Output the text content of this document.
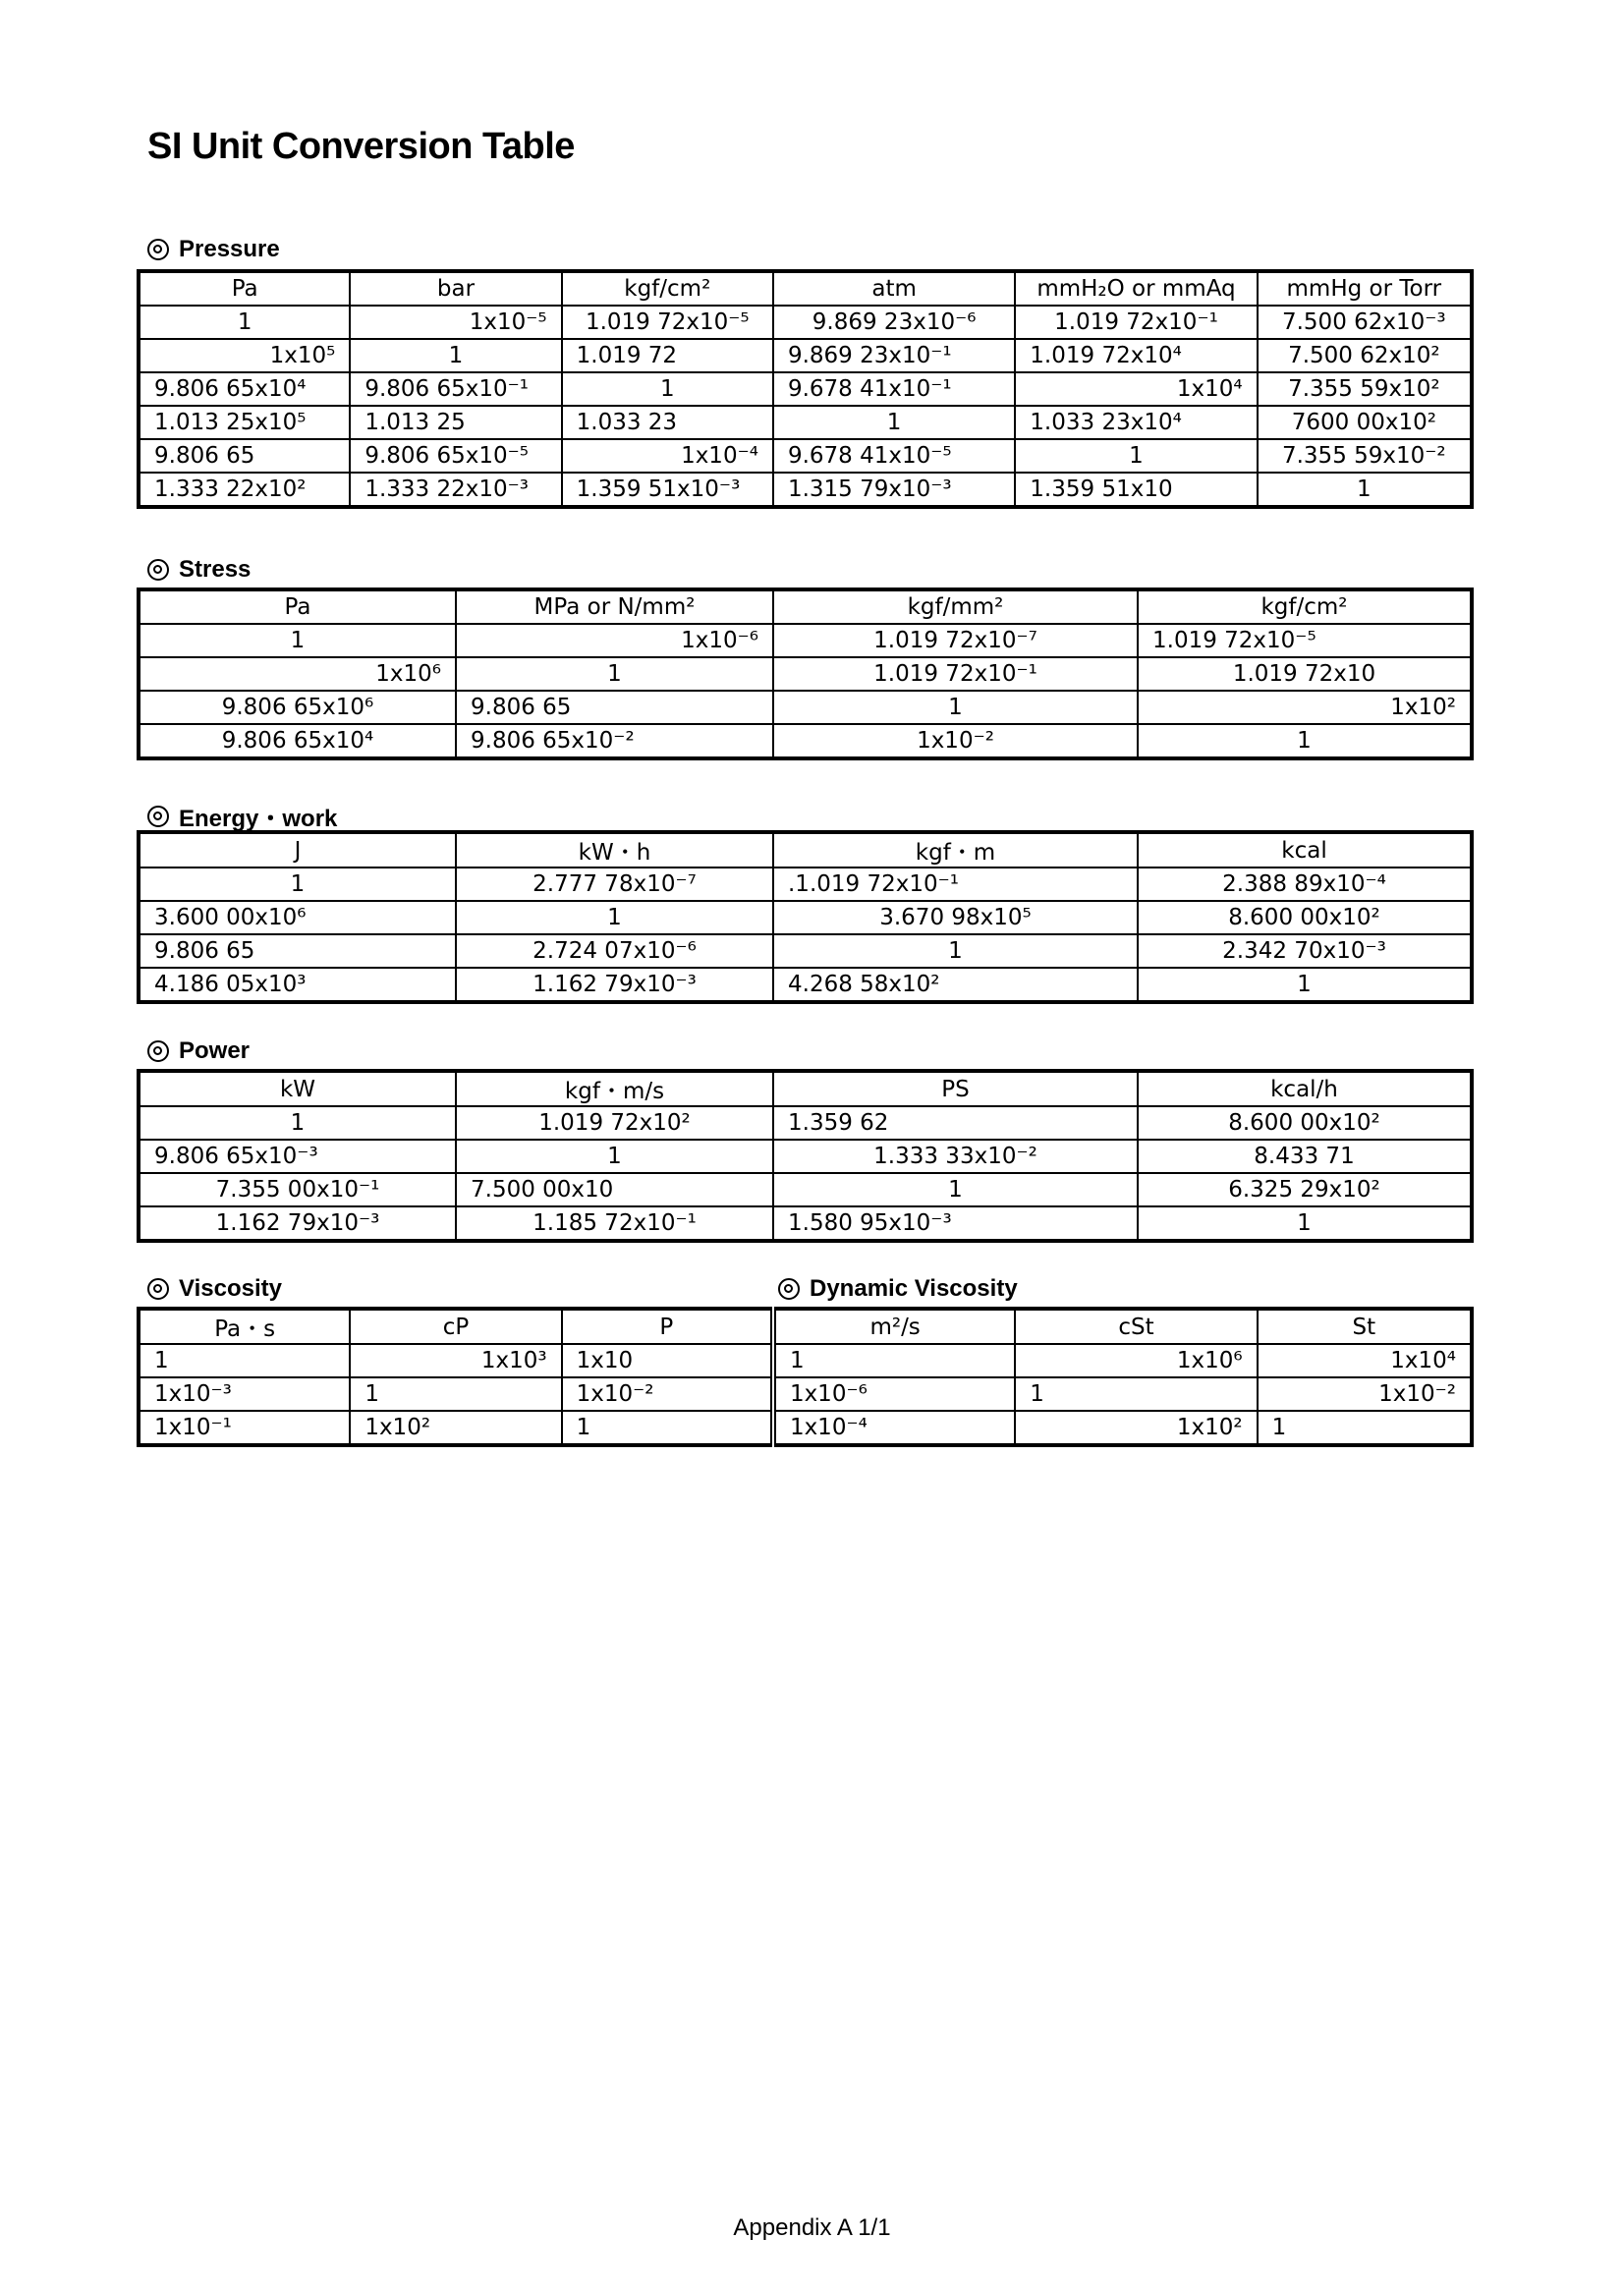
SI Unit Conversion Table
Pressure
Pa	bar	kgf/cm²	atm	mmH₂O or mmAq	mmHg or Torr
1	1x10⁻⁵	1.019 72x10⁻⁵	9.869 23x10⁻⁶	1.019 72x10⁻¹	7.500 62x10⁻³
1x10⁵	1	1.019 72	9.869 23x10⁻¹	1.019 72x10⁴	7.500 62x10²
9.806 65x10⁴	9.806 65x10⁻¹	1	9.678 41x10⁻¹	1x10⁴	7.355 59x10²
1.013 25x10⁵	1.013 25	1.033 23	1	1.033 23x10⁴	7600 00x10²
9.806 65	9.806 65x10⁻⁵	1x10⁻⁴	9.678 41x10⁻⁵	1	7.355 59x10⁻²
1.333 22x10²	1.333 22x10⁻³	1.359 51x10⁻³	1.315 79x10⁻³	1.359 51x10	1
Stress
Pa	MPa or N/mm²	kgf/mm²	kgf/cm²
1	1x10⁻⁶	1.019 72x10⁻⁷	1.019 72x10⁻⁵
1x10⁶	1	1.019 72x10⁻¹	1.019 72x10
9.806 65x10⁶	9.806 65	1	1x10²
9.806 65x10⁴	9.806 65x10⁻²	1x10⁻²	1
Energy・work
J	kW・h	kgf・m	kcal
1	2.777 78x10⁻⁷	.1.019 72x10⁻¹	2.388 89x10⁻⁴
3.600 00x10⁶	1	3.670 98x10⁵	8.600 00x10²
9.806 65	2.724 07x10⁻⁶	1	2.342 70x10⁻³
4.186 05x10³	1.162 79x10⁻³	4.268 58x10²	1
Power
kW	kgf・m/s	PS	kcal/h
1	1.019 72x10²	1.359 62	8.600 00x10²
9.806 65x10⁻³	1	1.333 33x10⁻²	8.433 71
7.355 00x10⁻¹	7.500 00x10	1	6.325 29x10²
1.162 79x10⁻³	1.185 72x10⁻¹	1.580 95x10⁻³	1
Viscosity	Dynamic Viscosity
Pa・s	cP	P	m²/s	cSt	St
1	1x10³	1x10	1	1x10⁶	1x10⁴
1x10⁻³	1	1x10⁻²	1x10⁻⁶	1	1x10⁻²
1x10⁻¹	1x10²	1	1x10⁻⁴	1x10²	1
Appendix A 1/1
